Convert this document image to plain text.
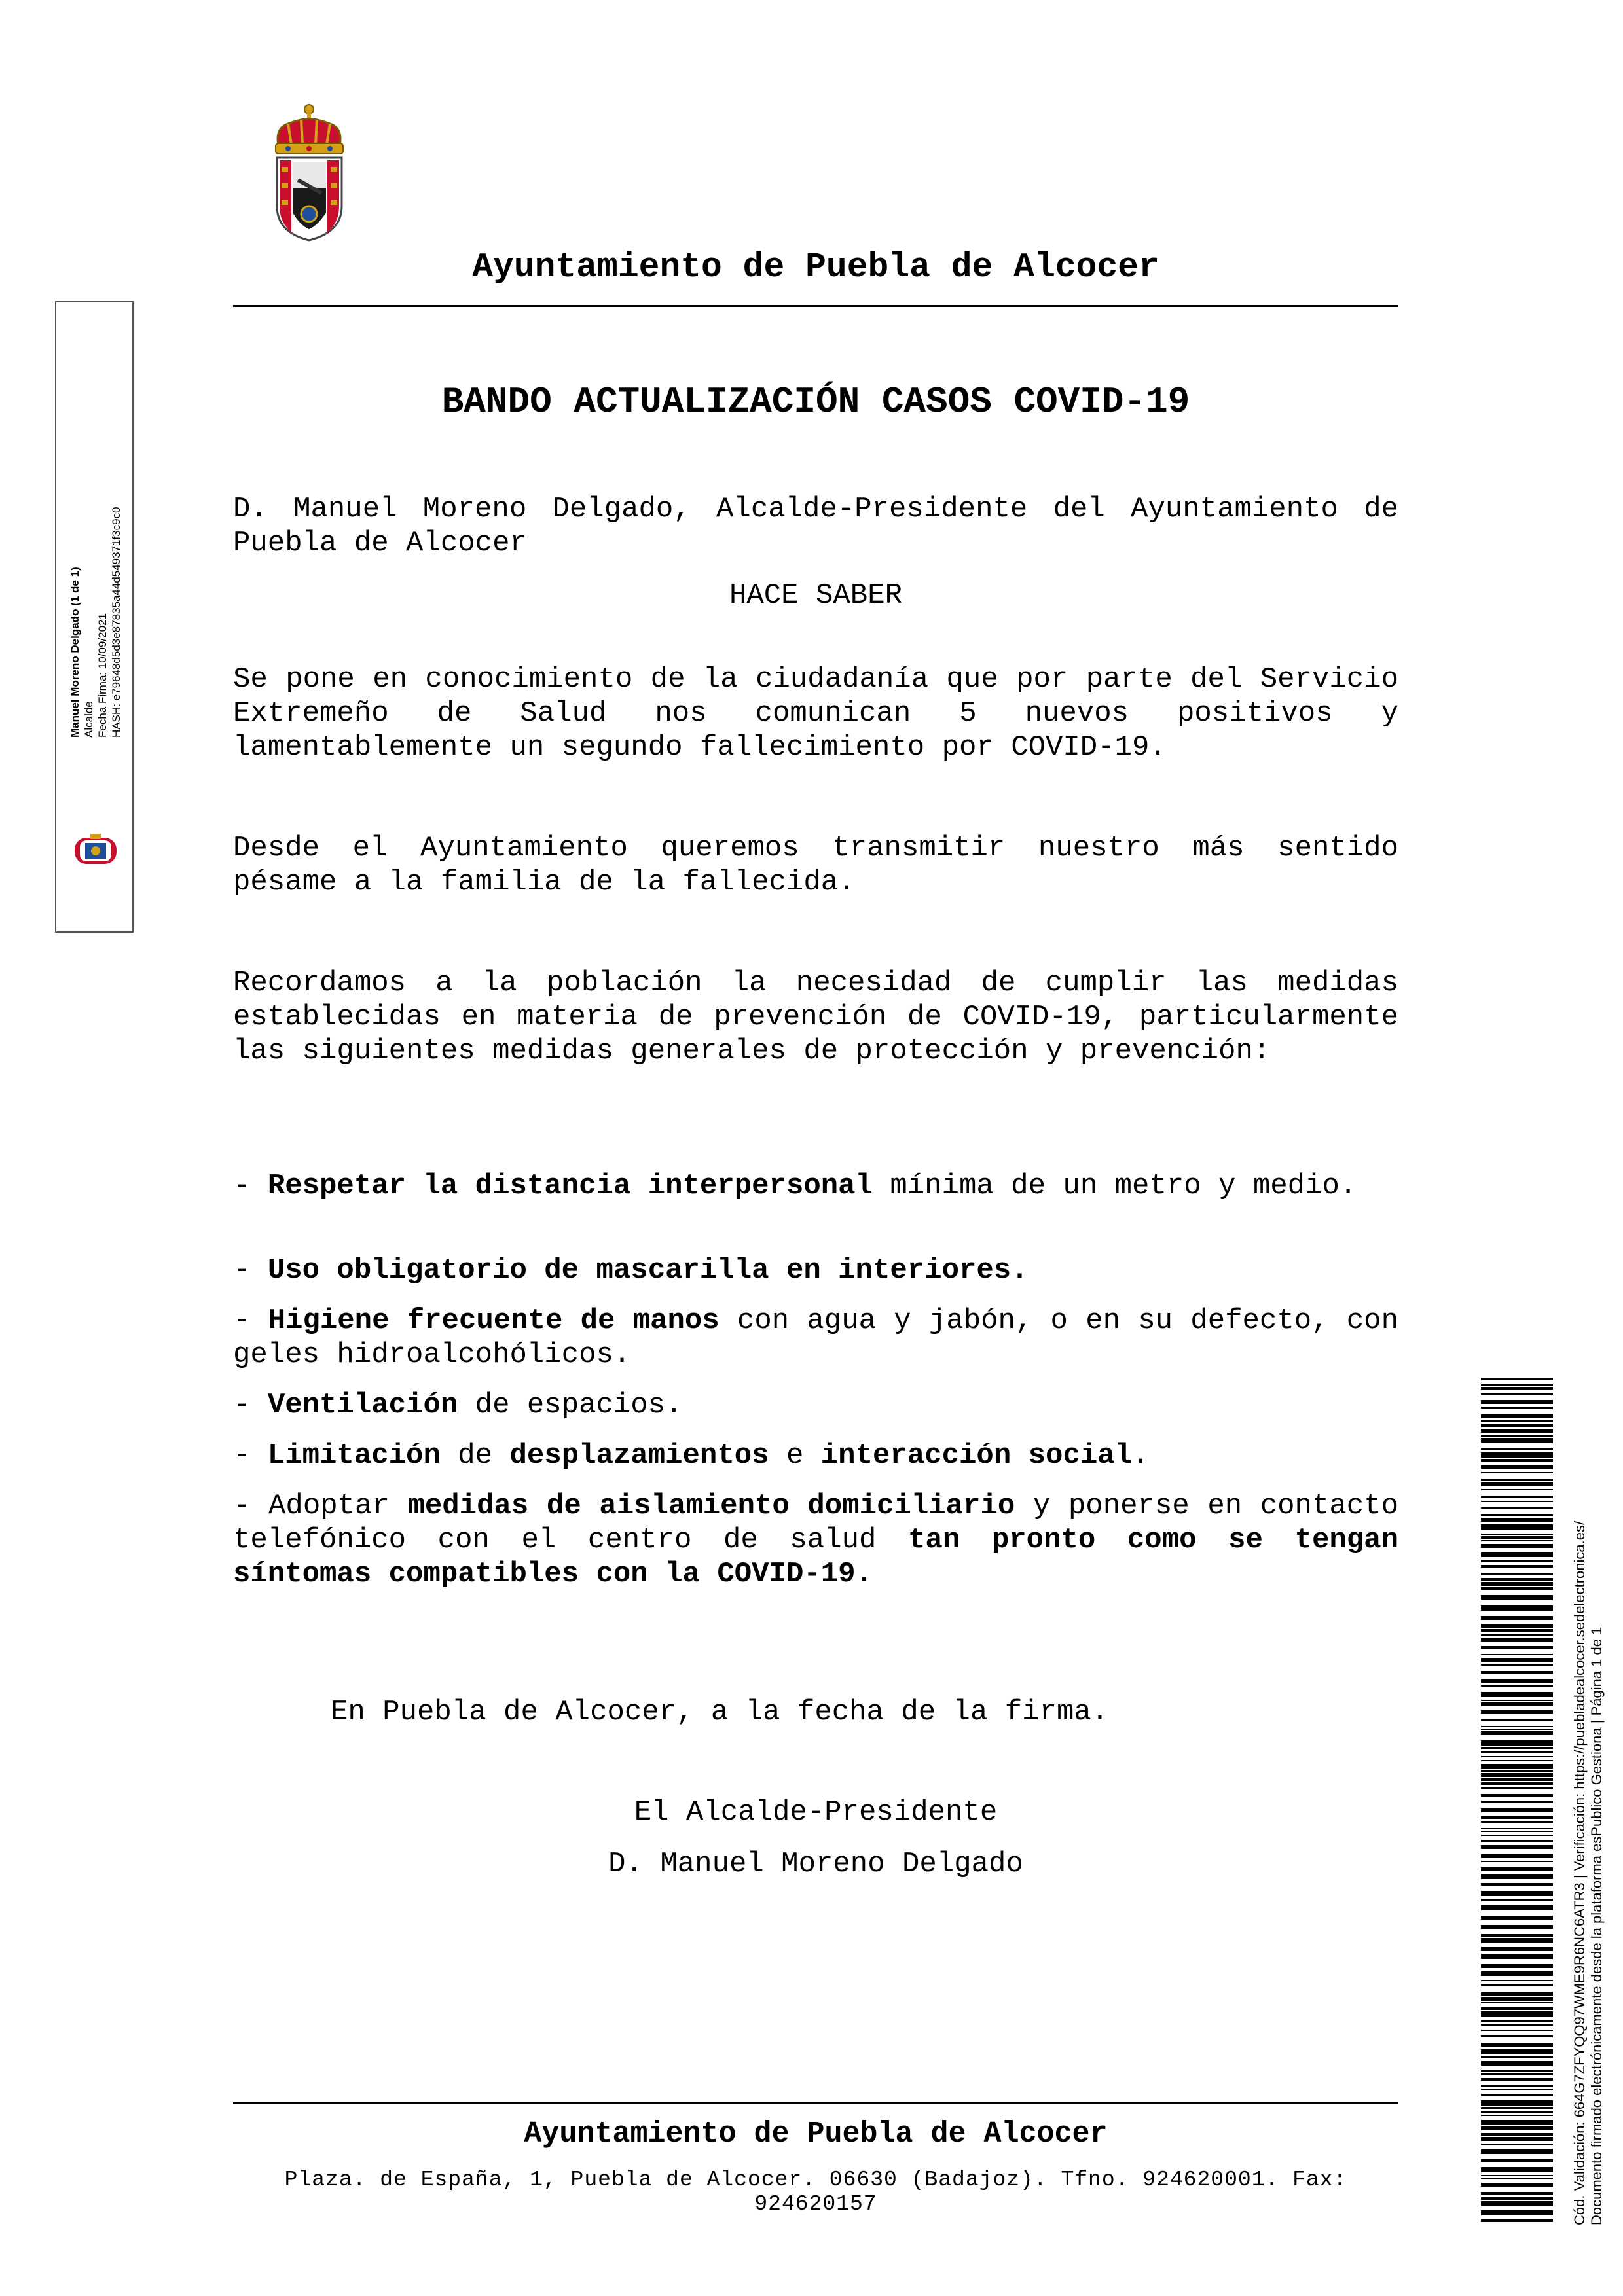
Ayuntamiento de Puebla de Alcocer
Manuel Moreno Delgado (1 de 1) Alcalde Fecha Firma: 10/09/2021 HASH: e79648d5d3e87835a44d549371f3c9c0
BANDO ACTUALIZACIÓN CASOS COVID-19
D. Manuel Moreno Delgado, Alcalde-Presidente del Ayuntamiento de Puebla de Alcocer
HACE SABER
Se pone en conocimiento de la ciudadanía que por parte del Servicio Extremeño de Salud nos comunican 5 nuevos positivos y lamentablemente un segundo fallecimiento por COVID-19.
Desde el Ayuntamiento queremos transmitir nuestro más sentido pésame a la familia de la fallecida.
Recordamos a la población la necesidad de cumplir las medidas establecidas en materia de prevención de COVID-19, particularmente las siguientes medidas generales de protección y prevención:
- Respetar la distancia interpersonal mínima de un metro y medio.
- Uso obligatorio de mascarilla en interiores.
- Higiene frecuente de manos con agua y jabón, o en su defecto, con geles hidroalcohólicos.
- Ventilación de espacios.
- Limitación de desplazamientos e interacción social.
- Adoptar medidas de aislamiento domiciliario y ponerse en contacto telefónico con el centro de salud tan pronto como se tengan síntomas compatibles con la COVID-19.
En Puebla de Alcocer, a la fecha de la firma.
El Alcalde-Presidente
D. Manuel Moreno Delgado	Cód. Validación: 664G7ZFYQQ97WME9R6NC6ATR3 | Verificación: https://puebladealcocer.sedelectronica.es/ Documento firmado electrónicamente desde la plataforma esPublico Gestiona | Página 1 de 1
Ayuntamiento de Puebla de Alcocer
Plaza. de España, 1, Puebla de Alcocer. 06630 (Badajoz). Tfno. 924620001. Fax: 924620157
